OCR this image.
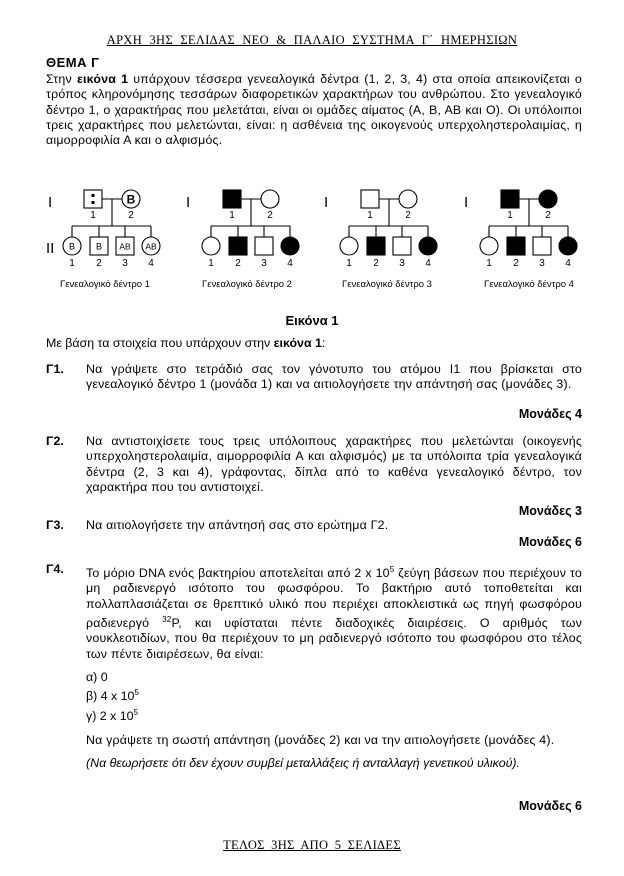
ΑΡΧΗ 3ΗΣ ΣΕΛΙΔΑΣ ΝΕΟ & ΠΑΛΑΙΟ ΣΥΣΤΗΜΑ Γ΄ ΗΜΕΡΗΣΙΩΝ
ΘΕΜΑ Γ
Στην εικόνα 1 υπάρχουν τέσσερα γενεαλογικά δέντρα (1, 2, 3, 4) στα οποία απεικονίζεται ο τρόπος κληρονόμησης τεσσάρων διαφορετικών χαρακτήρων του ανθρώπου. Στο γενεαλογικό δέντρο 1, ο χαρακτήρας που μελετάται, είναι οι ομάδες αίματος (Α, Β, ΑΒ και Ο). Οι υπόλοιποι τρεις χαρακτήρες που μελετώνται, είναι: η ασθένεια της οικογενούς υπερχοληστερολαιμίας, η αιμορροφιλία Α και ο αλφισμός.
I	B
1	2
II B B AB AB
1 2 3 4
Γενεαλογικό δέντρο 1
I
1	2
1 2 3 4
Γενεαλογικό δέντρο 2
I
1	2
1 2 3 4
Γενεαλογικό δέντρο 3
I
1	2
1 2 3 4
Γενεαλογικό δέντρο 4
Εικόνα 1
Με βάση τα στοιχεία που υπάρχουν στην εικόνα 1:
Γ1. Να γράψετε στο τετράδιό σας τον γόνοτυπο του ατόμου Ι1 που βρίσκεται στο γενεαλογικό δέντρο 1 (μονάδα 1) και να αιτιολογήσετε την απάντησή σας (μονάδες 3).
Μονάδες 4
Γ2. Να αντιστοιχίσετε τους τρεις υπόλοιπους χαρακτήρες που μελετώνται (οικογενής υπερχοληστερολαιμία, αιμορροφιλία Α και αλφισμός) με τα υπόλοιπα τρία γενεαλογικά δέντρα (2, 3 και 4), γράφοντας, δίπλα από το καθένα γενεαλογικό δέντρο, τον χαρακτήρα που του αντιστοιχεί.
Μονάδες 3
Γ3. Να αιτιολογήσετε την απάντησή σας στο ερώτημα Γ2.
Μονάδες 6
Γ4. Το μόριο DNA ενός βακτηρίου αποτελείται από 2 x $10^5$ ζεύγη βάσεων που περιέχουν το μη ραδιενεργό ισότοπο του φωσφόρου. Το βακτήριο αυτό τοποθετείται και πολλαπλασιάζεται σε θρεπτικό υλικό που περιέχει αποκλειστικά ως πηγή φωσφόρου ραδιενεργό $^{32}$P, και υφίσταται πέντε διαδοχικές διαιρέσεις. Ο αριθμός των νουκλεοτιδίων, που θα περιέχουν το μη ραδιενεργό ισότοπο του φωσφόρου στο τέλος των πέντε διαιρέσεων, θα είναι:
α) 0
β) 4 x $10^5$
γ) 2 x $10^5$
Να γράψετε τη σωστή απάντηση (μονάδες 2) και να την αιτιολογήσετε (μονάδες 4).
(Να θεωρήσετε ότι δεν έχουν συμβεί μεταλλάξεις ή ανταλλαγή γενετικού υλικού).
Μονάδες 6
ΤΕΛΟΣ 3ΗΣ ΑΠΟ 5 ΣΕΛΙΔΕΣ
